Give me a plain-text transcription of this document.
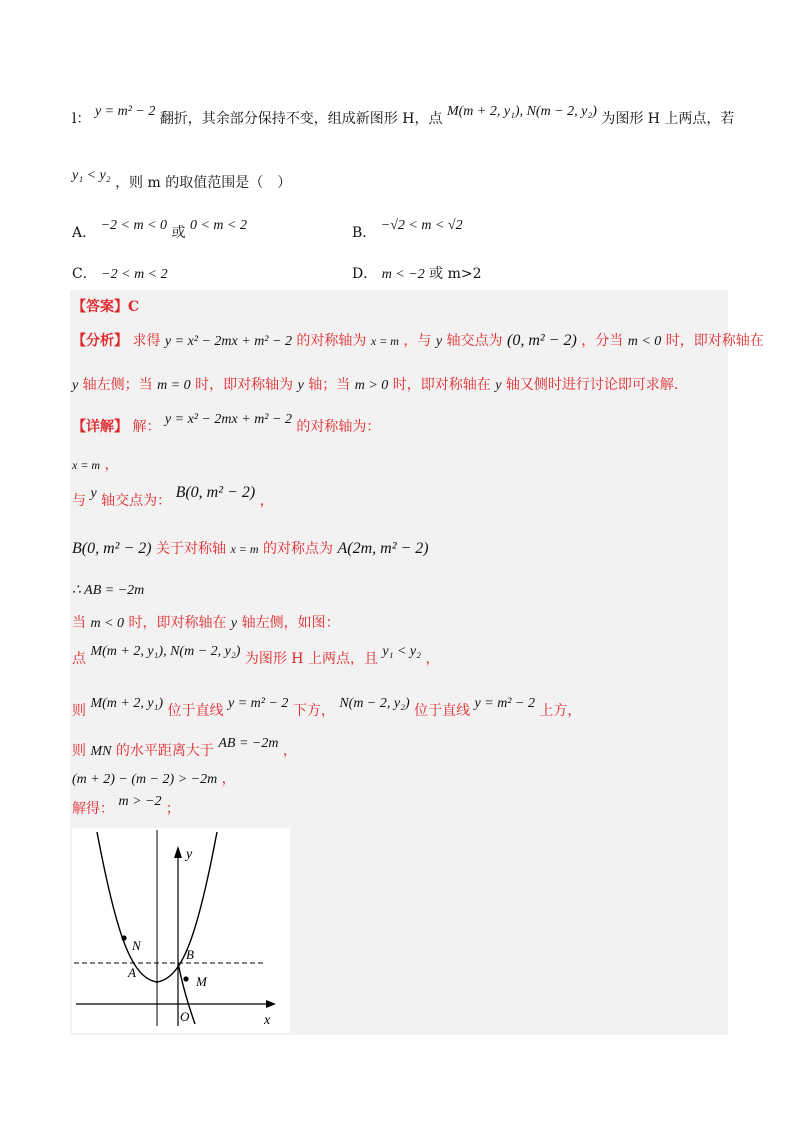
l： y = m² − 2 翻折，其余部分保持不变，组成新图形 H，点 M(m + 2, y₁), N(m − 2, y₂) 为图形 H 上两点，若
y₁ < y₂ ，则 m 的取值范围是（　）
A． −2 < m < 0 或 0 < m < 2	B． −√2 < m < √2
C． −2 < m < 2	D． m < −2 或 m>2
【答案】C
【分析】 求得 y = x² − 2mx + m² − 2 的对称轴为 x = m ，与 y 轴交点为 (0, m² − 2) ，分当 m < 0 时，即对称轴在
y 轴左侧；当 m = 0 时，即对称轴为 y 轴；当 m > 0 时，即对称轴在 y 轴又侧时进行讨论即可求解.
【详解】 解： y = x² − 2mx + m² − 2 的对称轴为：
x = m ，
与 y 轴交点为： B(0, m² − 2) ，
B(0, m² − 2) 关于对称轴 x = m 的对称点为 A(2m, m² − 2)
∴ AB = −2m
当 m < 0 时，即对称轴在 y 轴左侧，如图：
点 M(m + 2, y₁), N(m − 2, y₂) 为图形 H 上两点，且 y₁ < y₂ ，
则 M(m + 2, y₁) 位于直线 y = m² − 2 下方， N(m − 2, y₂) 位于直线 y = m² − 2 上方，
则 MN 的水平距离大于 AB = −2m ，
(m + 2) − (m − 2) > −2m ，
解得： m > −2 ；
y
x
O
N
B
A
M
